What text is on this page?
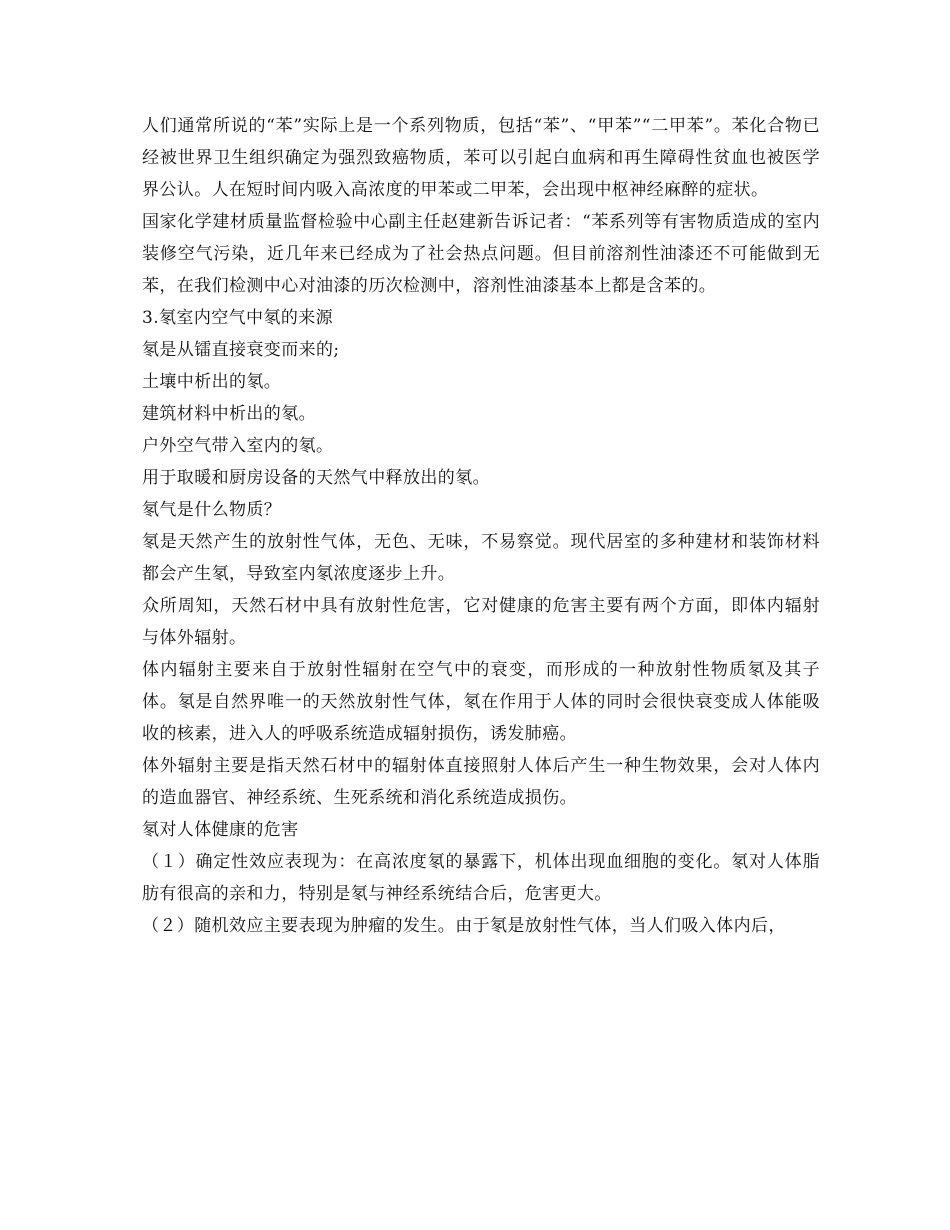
人们通常所说的“苯”实际上是一个系列物质，包括“苯”、“甲苯”“二甲苯”。苯化合物已经被世界卫生组织确定为强烈致癌物质，苯可以引起白血病和再生障碍性贫血也被医学界公认。人在短时间内吸入高浓度的甲苯或二甲苯，会出现中枢神经麻醉的症状。

国家化学建材质量监督检验中心副主任赵建新告诉记者：“苯系列等有害物质造成的室内装修空气污染，近几年来已经成为了社会热点问题。但目前溶剂性油漆还不可能做到无苯，在我们检测中心对油漆的历次检测中，溶剂性油漆基本上都是含苯的。

3.氡室内空气中氡的来源

氡是从镭直接衰变而来的;

土壤中析出的氡。

建筑材料中析出的氡。

户外空气带入室内的氡。

用于取暖和厨房设备的天然气中释放出的氡。

氡气是什么物质？

氡是天然产生的放射性气体，无色、无味，不易察觉。现代居室的多种建材和装饰材料都会产生氡，导致室内氡浓度逐步上升。

众所周知，天然石材中具有放射性危害，它对健康的危害主要有两个方面，即体内辐射与体外辐射。

体内辐射主要来自于放射性辐射在空气中的衰变，而形成的一种放射性物质氡及其子体。氡是自然界唯一的天然放射性气体，氡在作用于人体的同时会很快衰变成人体能吸收的核素，进入人的呼吸系统造成辐射损伤，诱发肺癌。

体外辐射主要是指天然石材中的辐射体直接照射人体后产生一种生物效果，会对人体内的造血器官、神经系统、生死系统和消化系统造成损伤。

氡对人体健康的危害

（１）确定性效应表现为：在高浓度氡的暴露下，机体出现血细胞的变化。氡对人体脂肪有很高的亲和力，特别是氡与神经系统结合后，危害更大。

（２）随机效应主要表现为肿瘤的发生。由于氡是放射性气体，当人们吸入体内后，
